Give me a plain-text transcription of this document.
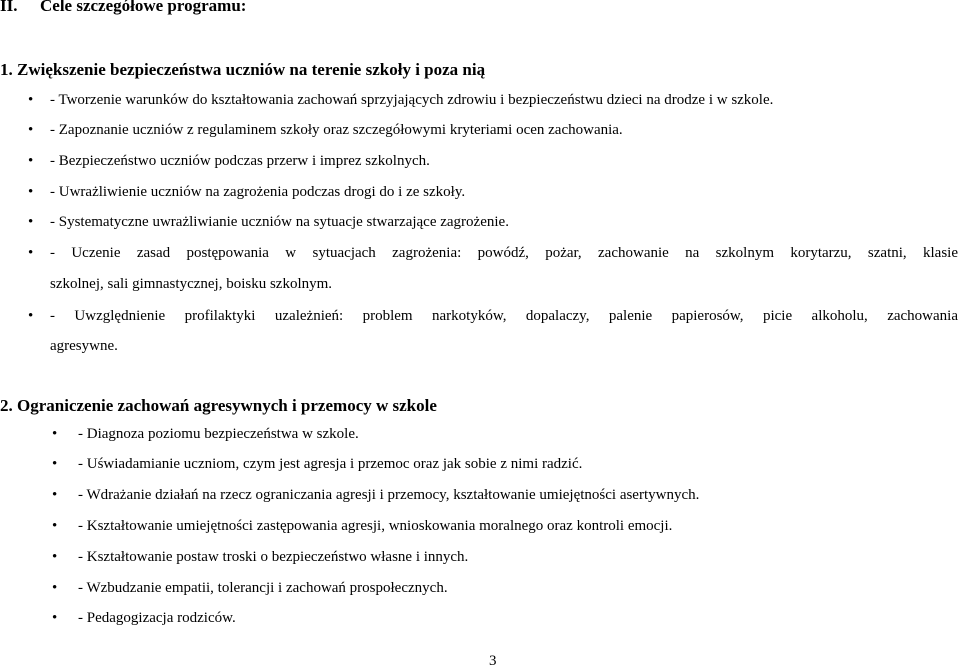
II. Cele szczegółowe programu:
1. Zwiększenie bezpieczeństwa uczniów na terenie szkoły i poza nią
• - Tworzenie warunków do kształtowania zachowań sprzyjających zdrowiu i bezpieczeństwu dzieci na drodze i w szkole.
• - Zapoznanie uczniów z regulaminem szkoły oraz szczegółowymi kryteriami ocen zachowania.
• - Bezpieczeństwo uczniów podczas przerw i imprez szkolnych.
• - Uwrażliwienie uczniów na zagrożenia podczas drogi do i ze szkoły.
• - Systematyczne uwrażliwianie uczniów na sytuacje stwarzające zagrożenie.
• - Uczenie zasad postępowania w sytuacjach zagrożenia: powódź, pożar, zachowanie na szkolnym korytarzu, szatni, klasie
szkolnej, sali gimnastycznej, boisku szkolnym.
• - Uwzględnienie profilaktyki uzależnień: problem narkotyków, dopalaczy, palenie papierosów, picie alkoholu, zachowania
agresywne.
2. Ograniczenie zachowań agresywnych i przemocy w szkole
• - Diagnoza poziomu bezpieczeństwa w szkole.
• - Uświadamianie uczniom, czym jest agresja i przemoc oraz jak sobie z nimi radzić.
• - Wdrażanie działań na rzecz ograniczania agresji i przemocy, kształtowanie umiejętności asertywnych.
• - Kształtowanie umiejętności zastępowania agresji, wnioskowania moralnego oraz kontroli emocji.
• - Kształtowanie postaw troski o bezpieczeństwo własne i innych.
• - Wzbudzanie empatii, tolerancji i zachowań prospołecznych.
• - Pedagogizacja rodziców.
3
